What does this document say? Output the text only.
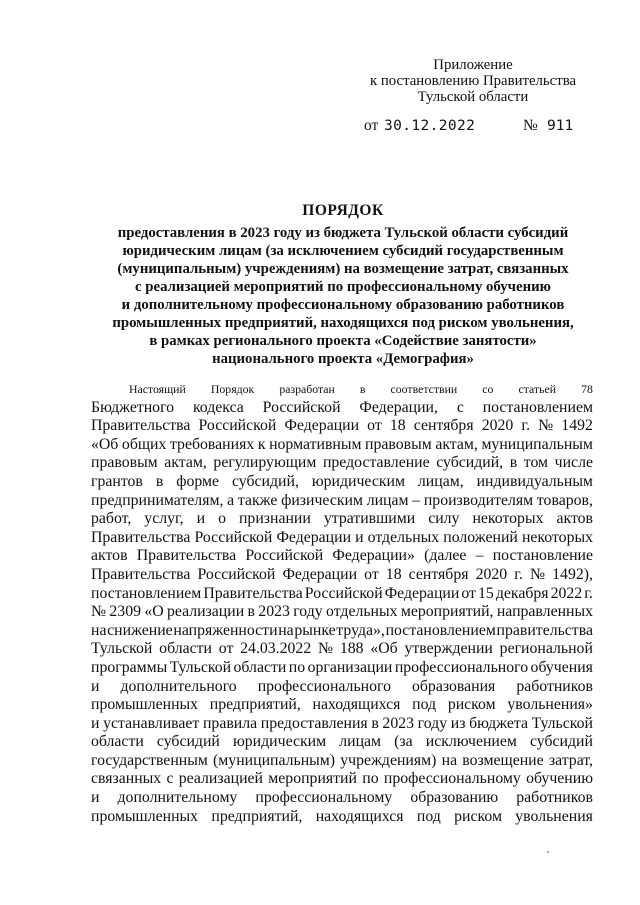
Приложение
к постановлению Правительства
Тульской области
от 30.12.2022	№ 911
ПОРЯДОК
предоставления в 2023 году из бюджета Тульской области субсидий
юридическим лицам (за исключением субсидий государственным
(муниципальным) учреждениям) на возмещение затрат, связанных
с реализацией мероприятий по профессиональному обучению
и дополнительному профессиональному образованию работников
промышленных предприятий, находящихся под риском увольнения,
в рамках регионального проекта «Содействие занятости»
национального проекта «Демография»
Настоящий Порядок разработан в соответствии со статьей 78
Бюджетного кодекса Российской Федерации, с постановлением
Правительства Российской Федерации от 18 сентября 2020 г. № 1492
«Об общих требованиях к нормативным правовым актам, муниципальным
правовым актам, регулирующим предоставление субсидий, в том числе
грантов в форме субсидий, юридическим лицам, индивидуальным
предпринимателям, а также физическим лицам – производителям товаров,
работ, услуг, и о признании утратившими силу некоторых актов
Правительства Российской Федерации и отдельных положений некоторых
актов Правительства Российской Федерации» (далее – постановление
Правительства Российской Федерации от 18 сентября 2020 г. № 1492),
постановлением Правительства Российской Федерации от 15 декабря 2022 г.
№ 2309 «О реализации в 2023 году отдельных мероприятий, направленных
на снижение напряженности на рынке труда», постановлением правительства
Тульской области от 24.03.2022 № 188 «Об утверждении региональной
программы Тульской области по организации профессионального обучения
и дополнительного профессионального образования работников
промышленных предприятий, находящихся под риском увольнения»
и устанавливает правила предоставления в 2023 году из бюджета Тульской
области субсидий юридическим лицам (за исключением субсидий
государственным (муниципальным) учреждениям) на возмещение затрат,
связанных с реализацией мероприятий по профессиональному обучению
и дополнительному профессиональному образованию работников
промышленных предприятий, находящихся под риском увольнения
